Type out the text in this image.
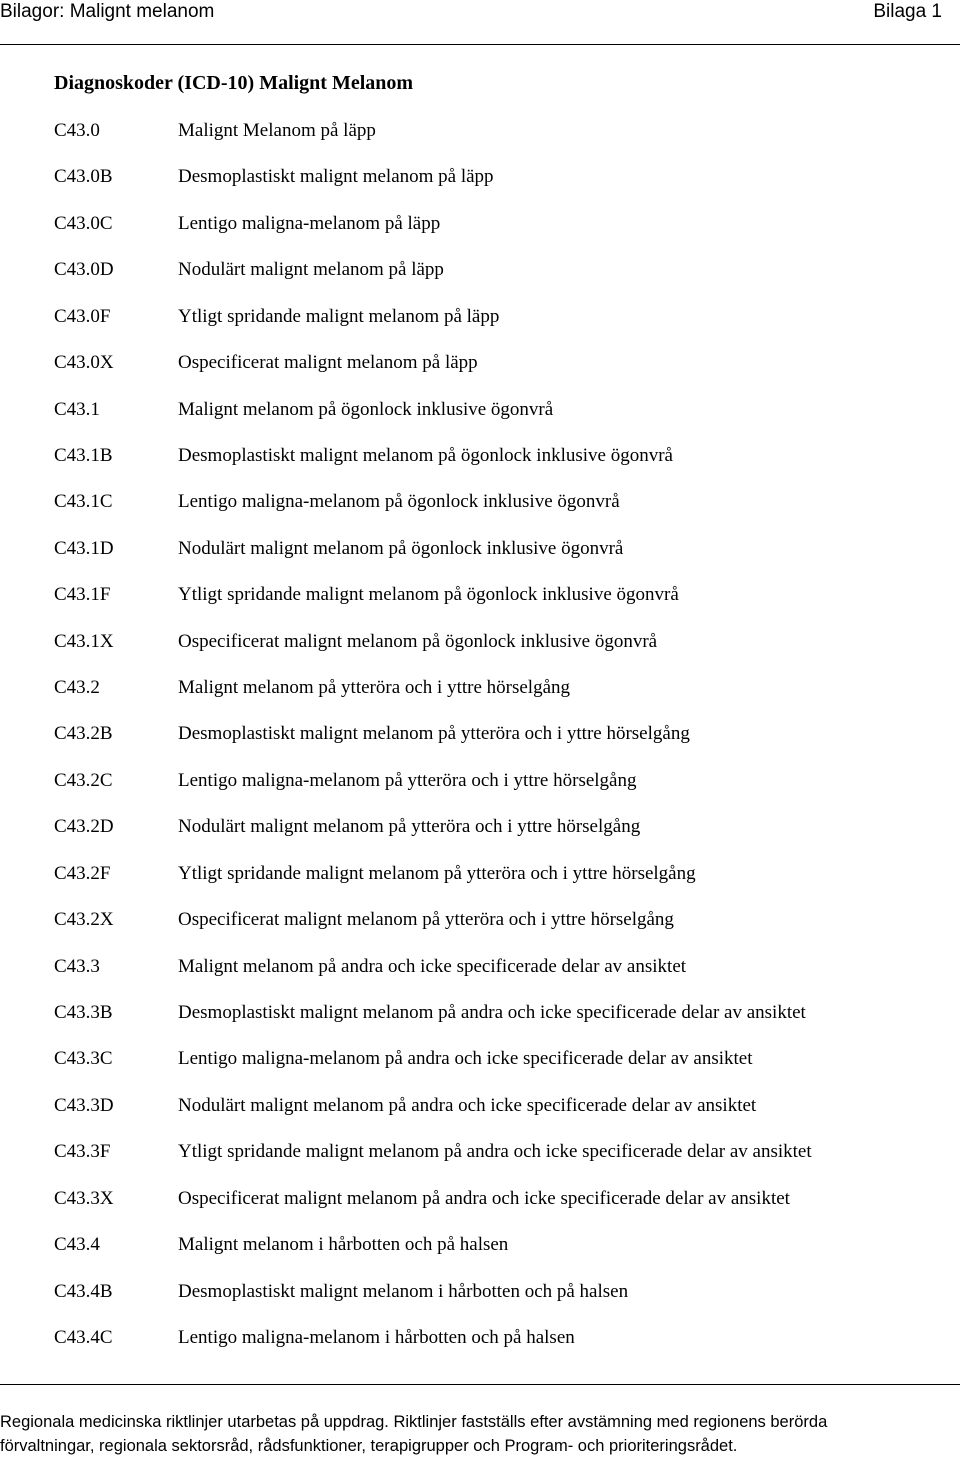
Bilagor: Malignt melanom	Bilaga 1
Diagnoskoder (ICD-10) Malignt Melanom
C43.0	Malignt Melanom på läpp
C43.0B	Desmoplastiskt malignt melanom på läpp
C43.0C	Lentigo maligna-melanom på läpp
C43.0D	Nodulärt malignt melanom på läpp
C43.0F	Ytligt spridande malignt melanom på läpp
C43.0X	Ospecificerat malignt melanom på läpp
C43.1	Malignt melanom på ögonlock inklusive ögonvrå
C43.1B	Desmoplastiskt malignt melanom på ögonlock inklusive ögonvrå
C43.1C	Lentigo maligna-melanom på ögonlock inklusive ögonvrå
C43.1D	Nodulärt malignt melanom på ögonlock inklusive ögonvrå
C43.1F	Ytligt spridande malignt melanom på ögonlock inklusive ögonvrå
C43.1X	Ospecificerat malignt melanom på ögonlock inklusive ögonvrå
C43.2	Malignt melanom på ytteröra och i yttre hörselgång
C43.2B	Desmoplastiskt malignt melanom på ytteröra och i yttre hörselgång
C43.2C	Lentigo maligna-melanom på ytteröra och i yttre hörselgång
C43.2D	Nodulärt malignt melanom på ytteröra och i yttre hörselgång
C43.2F	Ytligt spridande malignt melanom på ytteröra och i yttre hörselgång
C43.2X	Ospecificerat malignt melanom på ytteröra och i yttre hörselgång
C43.3	Malignt melanom på andra och icke specificerade delar av ansiktet
C43.3B	Desmoplastiskt malignt melanom på andra och icke specificerade delar av ansiktet
C43.3C	Lentigo maligna-melanom på andra och icke specificerade delar av ansiktet
C43.3D	Nodulärt malignt melanom på andra och icke specificerade delar av ansiktet
C43.3F	Ytligt spridande malignt melanom på andra och icke specificerade delar av ansiktet
C43.3X	Ospecificerat malignt melanom på andra och icke specificerade delar av ansiktet
C43.4	Malignt melanom i hårbotten och på halsen
C43.4B	Desmoplastiskt malignt melanom i hårbotten och på halsen
C43.4C	Lentigo maligna-melanom i hårbotten och på halsen
Regionala medicinska riktlinjer utarbetas på uppdrag. Riktlinjer fastställs efter avstämning med regionens berörda
förvaltningar, regionala sektorsråd, rådsfunktioner, terapigrupper och Program- och prioriteringsrådet.
